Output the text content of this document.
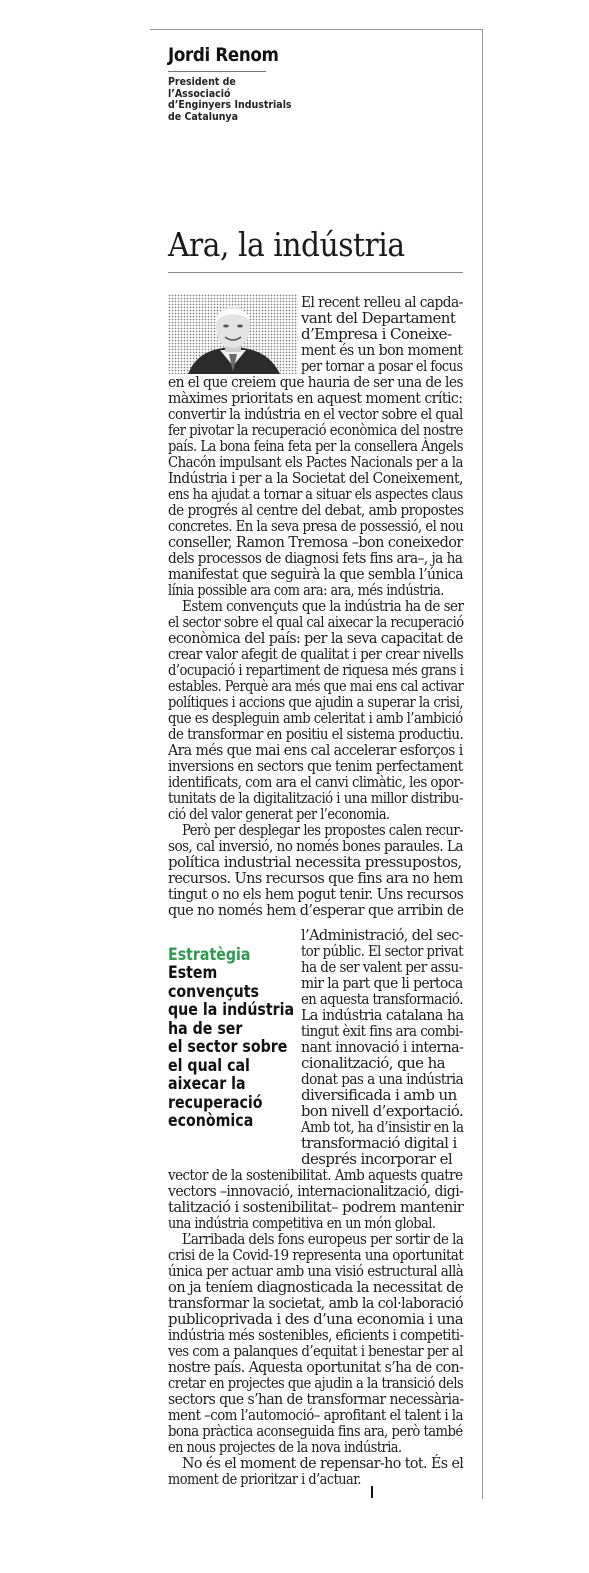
Jordi Renom
President de
l’Associació
d’Enginyers Industrials
de Catalunya
Ara, la indústria
Estratègia
Estem
convençuts
que la indústria
ha de ser
el sector sobre
el qual cal
aixecar la
recuperació
econòmica
El recent relleu al capda-
vant del Departament
d’Empresa i Coneixe-
ment és un bon moment
per tornar a posar el focus
en el que creiem que hauria de ser una de les
màximes prioritats en aquest moment crític:
convertir la indústria en el vector sobre el qual
fer pivotar la recuperació econòmica del nostre
país. La bona feina feta per la consellera Àngels
Chacón impulsant els Pactes Nacionals per a la
Indústria i per a la Societat del Coneixement,
ens ha ajudat a tornar a situar els aspectes claus
de progrés al centre del debat, amb propostes
concretes. En la seva presa de possessió, el nou
conseller, Ramon Tremosa –bon coneixedor
dels processos de diagnosi fets fins ara–, ja ha
manifestat que seguirà la que sembla l’única
línia possible ara com ara: ara, més indústria.
Estem convençuts que la indústria ha de ser
el sector sobre el qual cal aixecar la recuperació
econòmica del país: per la seva capacitat de
crear valor afegit de qualitat i per crear nivells
d’ocupació i repartiment de riquesa més grans i
estables. Perquè ara més que mai ens cal activar
polítiques i accions que ajudin a superar la crisi,
que es despleguin amb celeritat i amb l’ambició
de transformar en positiu el sistema productiu.
Ara més que mai ens cal accelerar esforços i
inversions en sectors que tenim perfectament
identificats, com ara el canvi climàtic, les opor-
tunitats de la digitalització i una millor distribu-
ció del valor generat per l’economia.
Però per desplegar les propostes calen recur-
sos, cal inversió, no només bones paraules. La
política industrial necessita pressupostos,
recursos. Uns recursos que fins ara no hem
tingut o no els hem pogut tenir. Uns recursos
que no només hem d’esperar que arribin de
l’Administració, del sec-
tor públic. El sector privat
ha de ser valent per assu-
mir la part que li pertoca
en aquesta transformació.
La indústria catalana ha
tingut èxit fins ara combi-
nant innovació i interna-
cionalització, que ha
donat pas a una indústria
diversificada i amb un
bon nivell d’exportació.
Amb tot, ha d’insistir en la
transformació digital i
després incorporar el
vector de la sostenibilitat. Amb aquests quatre
vectors –innovació, internacionalització, digi-
talització i sostenibilitat– podrem mantenir
una indústria competitiva en un món global.
L’arribada dels fons europeus per sortir de la
crisi de la Covid-19 representa una oportunitat
única per actuar amb una visió estructural allà
on ja teníem diagnosticada la necessitat de
transformar la societat, amb la col·laboració
publicoprivada i des d’una economia i una
indústria més sostenibles, eficients i competiti-
ves com a palanques d’equitat i benestar per al
nostre país. Aquesta oportunitat s’ha de con-
cretar en projectes que ajudin a la transició dels
sectors que s’han de transformar necessària-
ment –com l’automoció– aprofitant el talent i la
bona pràctica aconseguida fins ara, però també
en nous projectes de la nova indústria.
No és el moment de repensar-ho tot. És el
moment de prioritzar i d’actuar.
